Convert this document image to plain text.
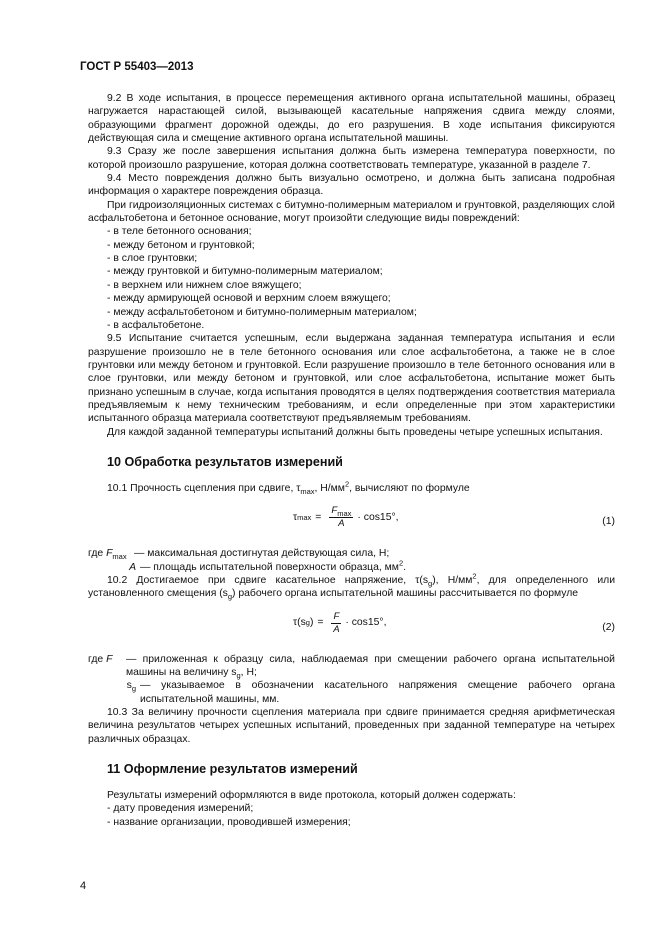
ГОСТ Р 55403—2013

9.2 В ходе испытания, в процессе перемещения активного органа испытательной машины, образец нагружается нарастающей силой, вызывающей касательные напряжения сдвига между слоями, образующими фрагмент дорожной одежды, до его разрушения. В ходе испытания фиксируются действующая сила и смещение активного органа испытательной машины.

9.3 Сразу же после завершения испытания должна быть измерена температура поверхности, по которой произошло разрушение, которая должна соответствовать температуре, указанной в разделе 7.

9.4 Место повреждения должно быть визуально осмотрено, и должна быть записана подробная информация о характере повреждения образца.

При гидроизоляционных системах с битумно-полимерным материалом и грунтовкой, разделяющих слой асфальтобетона и бетонное основание, могут произойти следующие виды повреждений:

- в теле бетонного основания;

- между бетоном и грунтовкой;

- в слое грунтовки;

- между грунтовкой и битумно-полимерным материалом;

- в верхнем или нижнем слое вяжущего;

- между армирующей основой и верхним слоем вяжущего;

- между асфальтобетоном и битумно-полимерным материалом;

- в асфальтобетоне.

9.5 Испытание считается успешным, если выдержана заданная температура испытания и если разрушение произошло не в теле бетонного основания или слое асфальтобетона, а также не в слое грунтовки или между бетоном и грунтовкой. Если разрушение произошло в теле бетонного основания или в слое грунтовки, или между бетоном и грунтовкой, или слое асфальтобетона, испытание может быть признано успешным в случае, когда испытания проводятся в целях подтверждения соответствия материала предъявляемым к нему техническим требованиям, и если определенные при этом характеристики испытанного образца материала соответствуют предъявляемым требованиям.

Для каждой заданной температуры испытаний должны быть проведены четыре успешных испытания.

10 Обработка результатов измерений

10.1 Прочность сцепления при сдвиге, $\tau_{max}$, $Н/мм^2$, вычисляют по формуле

τ $\max = \frac{F_{max}}{A} \cdot \cos 15^\circ$,	(1)
где $F_{max}$ — максимальная достигнутая действующая сила, Н;
A — площадь испытательной поверхности образца, $мм^2$.

10.2 Достигаемое при сдвиге касательное напряжение, $\tau(s_g)$, $Н/мм^2$, для определенного или установленного смещения $(s_g)$ рабочего органа испытательной машины рассчитывается по формуле

τ(s g ) = $\frac{F}{A} \cdot \cos 15^\circ$,	(2)
где F	— приложенная к образцу сила, наблюдаемая при смещении рабочего органа испытательной машины на величину $s_g$, Н;
$s_g$ — указываемое в обозначении касательного напряжения смещение рабочего органа испытательной машины, мм.

10.3 За величину прочности сцепления материала при сдвиге принимается средняя арифметическая величина результатов четырех успешных испытаний, проведенных при заданной температуре на четырех различных образцах.

11 Оформление результатов измерений

Результаты измерений оформляются в виде протокола, который должен содержать:

- дату проведения измерений;

- название организации, проводившей измерения;

4
